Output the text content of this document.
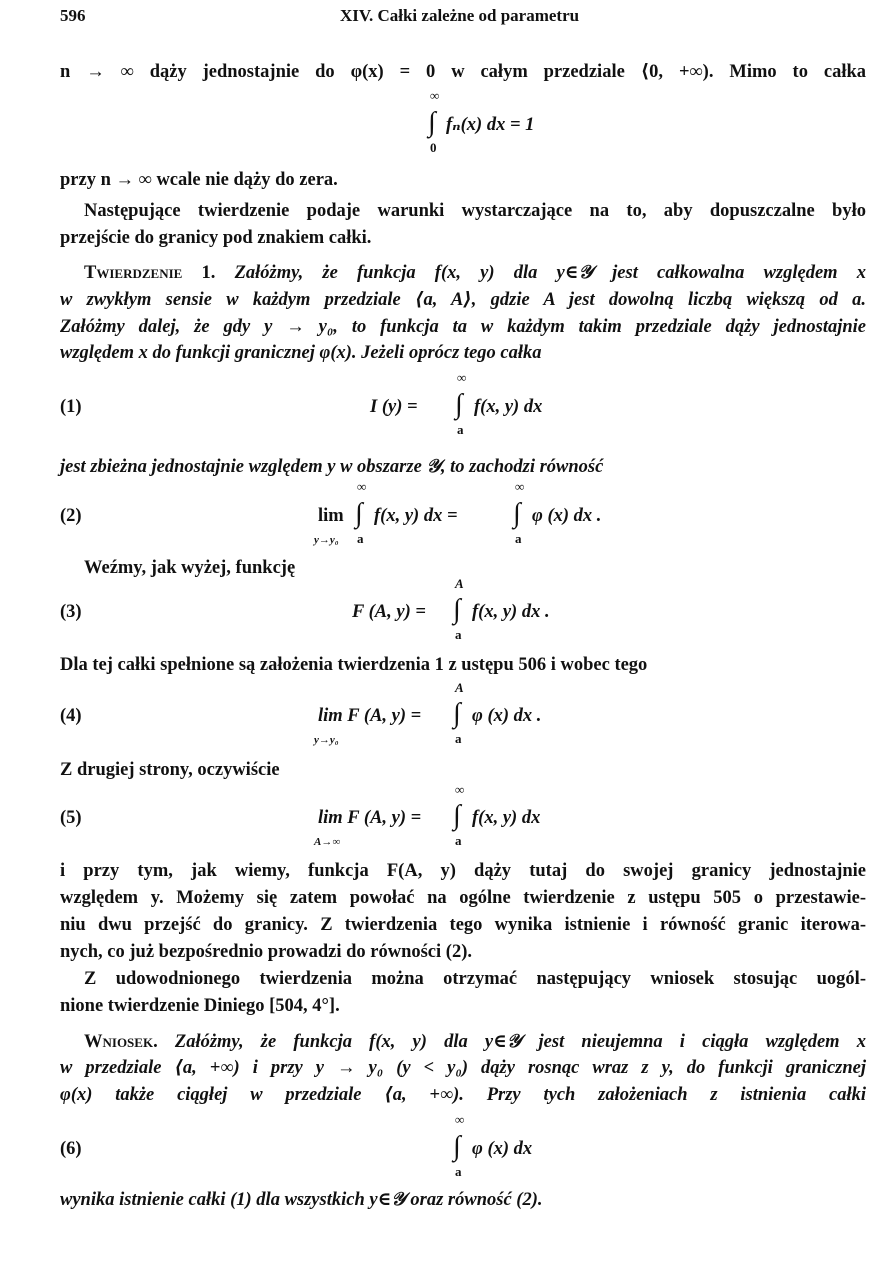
596	XIV. Całki zależne od parametru
n → ∞ dąży jednostajnie do φ(x) = 0 w całym przedziale ⟨0, +∞). Mimo to całka
∞
∫ fₙ(x) dx = 1
0
przy n → ∞ wcale nie dąży do zera.
Następujące twierdzenie podaje warunki wystarczające na to, aby dopuszczalne było
przejście do granicy pod znakiem całki.
Twierdzenie 1. Załóżmy, że funkcja f(x, y) dla y∈𝒴 jest całkowalna względem x
w zwykłym sensie w każdym przedziale ⟨a, A⟩, gdzie A jest dowolną liczbą większą od a.
Załóżmy dalej, że gdy y → y₀, to funkcja ta w każdym takim przedziale dąży jednostajnie
względem x do funkcji granicznej φ(x). Jeżeli oprócz tego całka
(1)	I (y) =
∞
∫ f(x, y) dx
a
jest zbieżna jednostajnie względem y w obszarze 𝒴, to zachodzi równość
(2)	lim
y→y₀
∞
∫ f(x, y) dx =
a
∞
∫ φ (x) dx .
a
Weźmy, jak wyżej, funkcję
(3)	F (A, y) =
A
∫ f(x, y) dx .
a
Dla tej całki spełnione są założenia twierdzenia 1 z ustępu 506 i wobec tego
(4)	lim F (A, y) =
y→y₀
A
∫ φ (x) dx .
a
Z drugiej strony, oczywiście
(5)	lim F (A, y) =
A→∞
∞
∫ f(x, y) dx
a
i przy tym, jak wiemy, funkcja F(A, y) dąży tutaj do swojej granicy jednostajnie
względem y. Możemy się zatem powołać na ogólne twierdzenie z ustępu 505 o przestawie-
niu dwu przejść do granicy. Z twierdzenia tego wynika istnienie i równość granic iterowa-
nych, co już bezpośrednio prowadzi do równości (2).
Z udowodnionego twierdzenia można otrzymać następujący wniosek stosując uogól-
nione twierdzenie Diniego [504, 4°].
Wniosek. Załóżmy, że funkcja f(x, y) dla y∈𝒴 jest nieujemna i ciągła względem x
w przedziale ⟨a, +∞) i przy y → y₀ (y < y₀) dąży rosnąc wraz z y, do funkcji granicznej
φ(x) także ciągłej w przedziale ⟨a, +∞). Przy tych założeniach z istnienia całki
(6)
∞
∫ φ (x) dx
a
wynika istnienie całki (1) dla wszystkich y∈𝒴 oraz równość (2).
